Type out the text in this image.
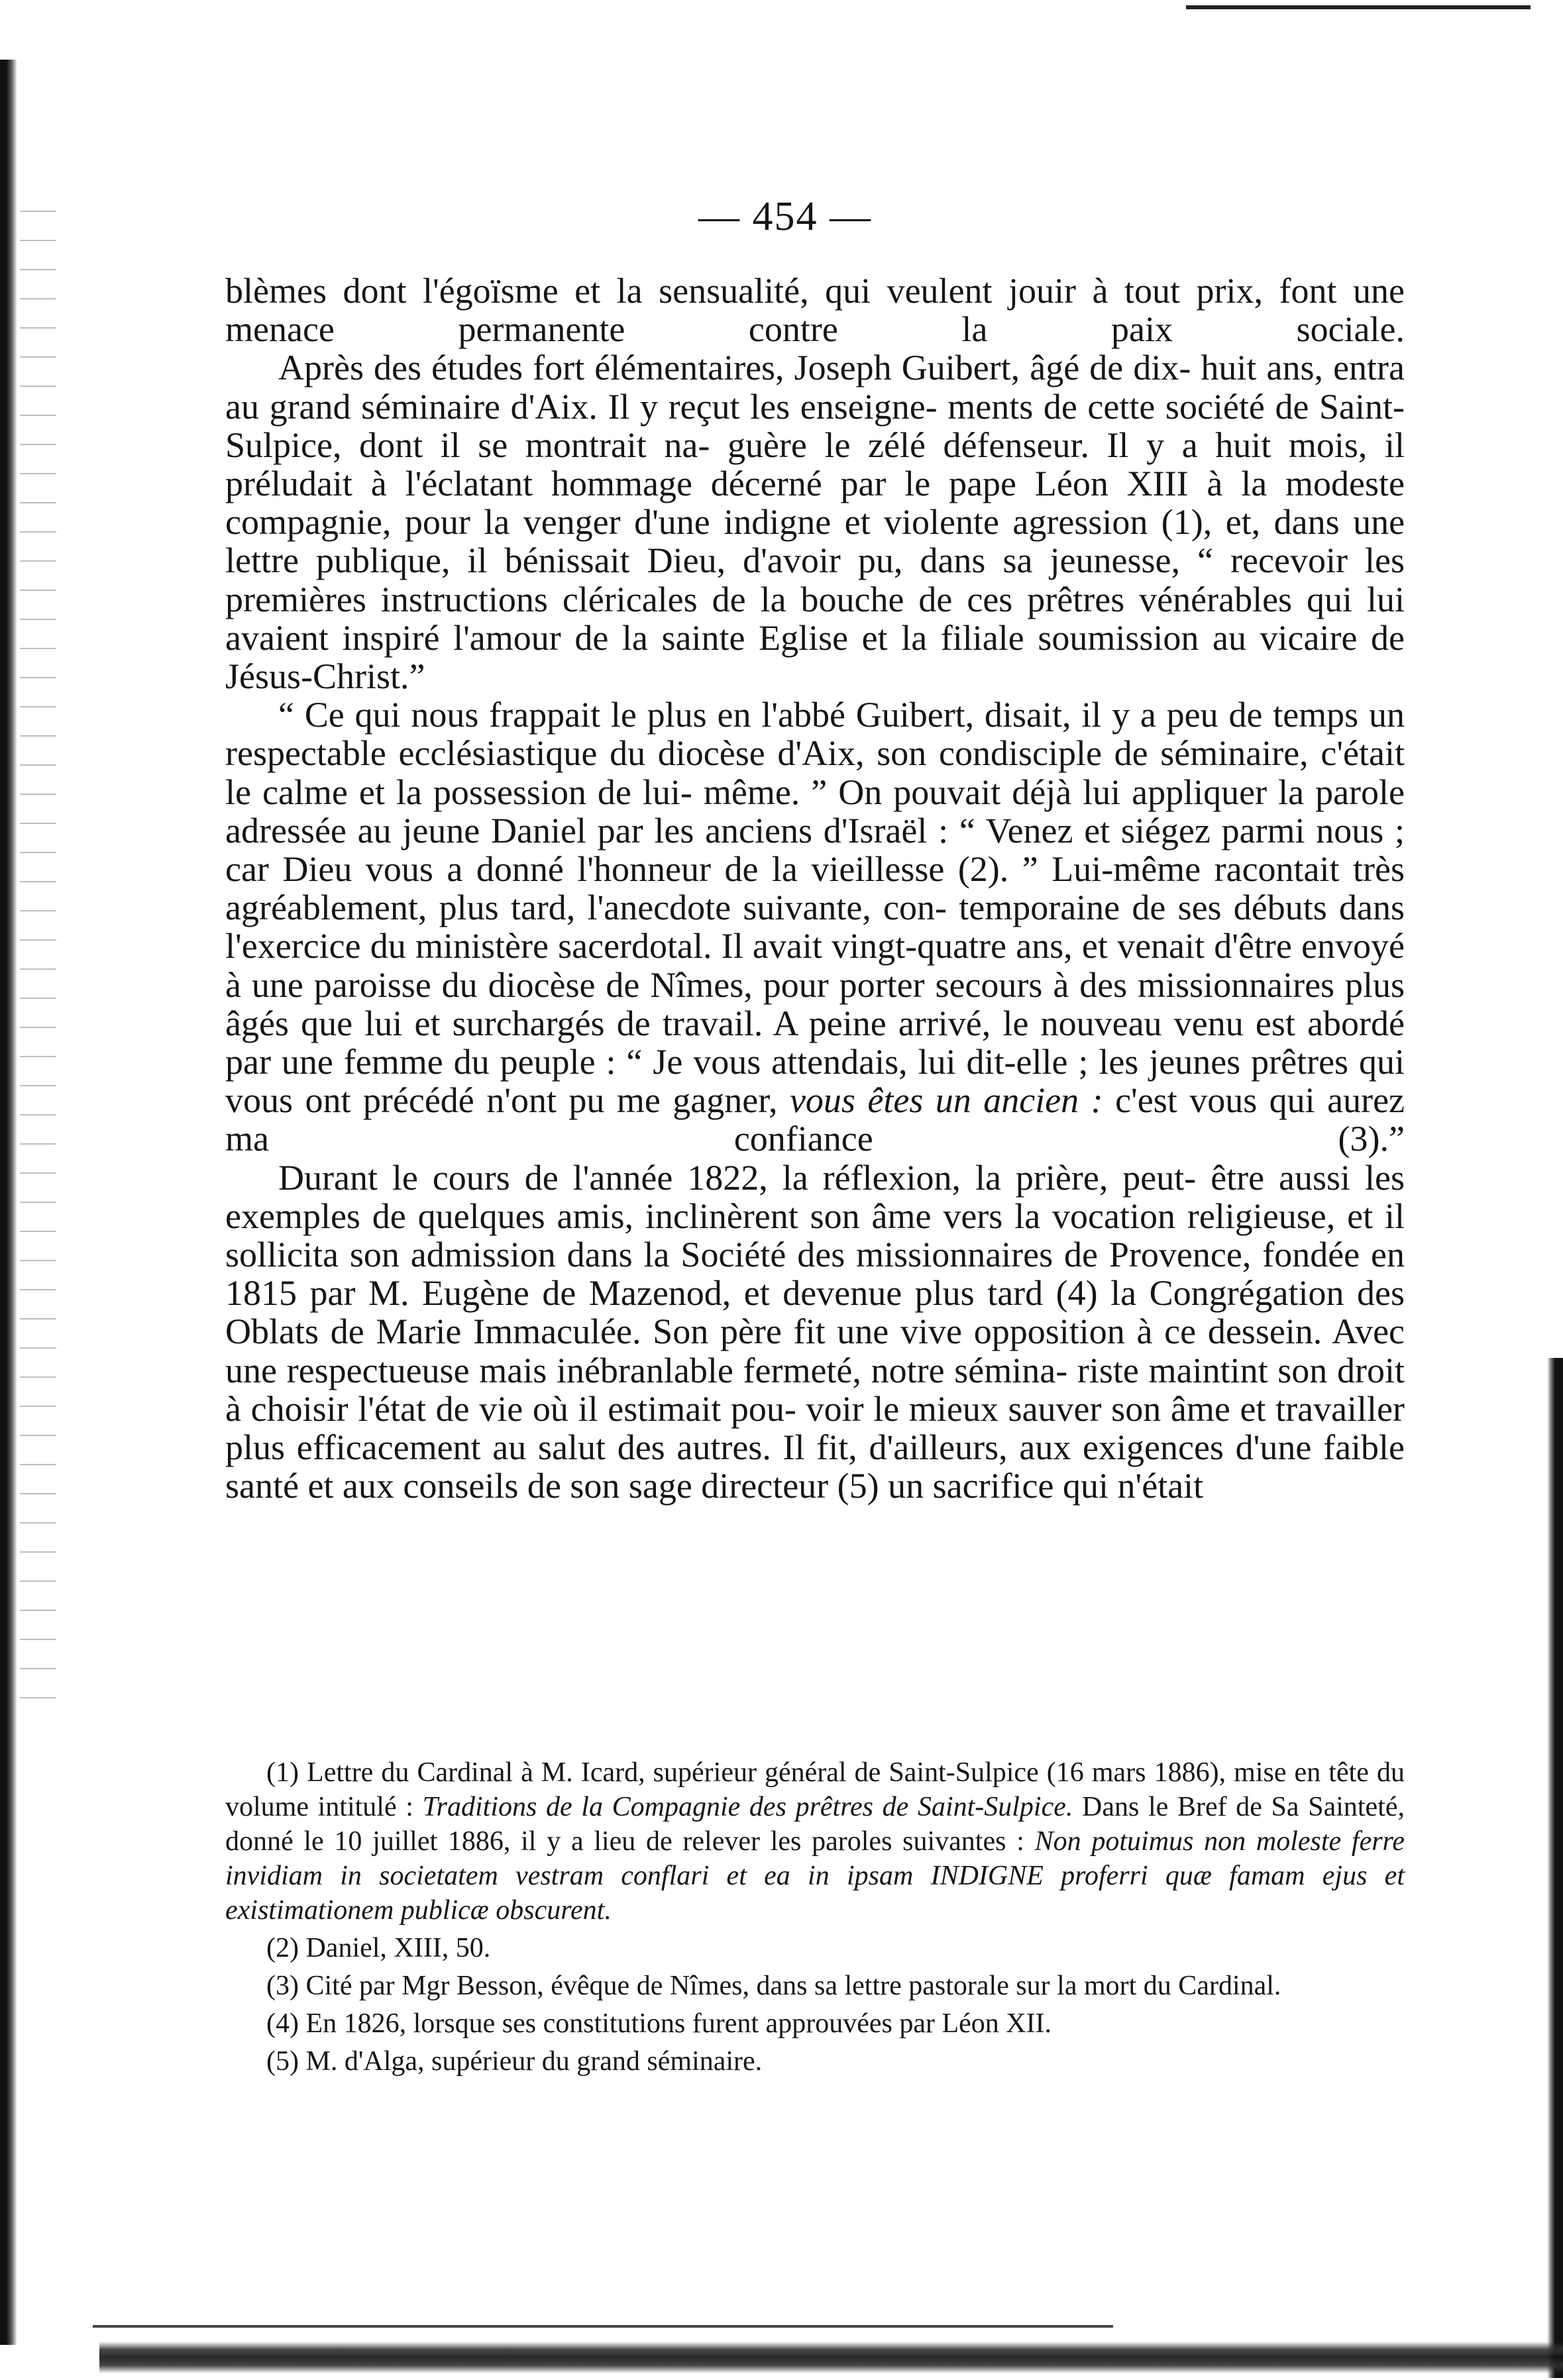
— 454 —

blèmes dont l'égoïsme et la sensualité, qui veulent jouir à tout prix, font une menace permanente contre la paix sociale.

Après des études fort élémentaires, Joseph Guibert, âgé de dix- huit ans, entra au grand séminaire d'Aix. Il y reçut les enseigne- ments de cette société de Saint-Sulpice, dont il se montrait na- guère le zélé défenseur. Il y a huit mois, il préludait à l'éclatant hommage décerné par le pape Léon XIII à la modeste compagnie, pour la venger d'une indigne et violente agression (1), et, dans une lettre publique, il bénissait Dieu, d'avoir pu, dans sa jeunesse, “ recevoir les premières instructions cléricales de la bouche de ces prêtres vénérables qui lui avaient inspiré l'amour de la sainte Eglise et la filiale soumission au vicaire de Jésus-Christ.”

“ Ce qui nous frappait le plus en l'abbé Guibert, disait, il y a peu de temps un respectable ecclésiastique du diocèse d'Aix, son condisciple de séminaire, c'était le calme et la possession de lui- même. ” On pouvait déjà lui appliquer la parole adressée au jeune Daniel par les anciens d'Israël : “ Venez et siégez parmi nous ; car Dieu vous a donné l'honneur de la vieillesse (2). ” Lui-même racontait très agréablement, plus tard, l'anecdote suivante, con- temporaine de ses débuts dans l'exercice du ministère sacerdotal. Il avait vingt-quatre ans, et venait d'être envoyé à une paroisse du diocèse de Nîmes, pour porter secours à des missionnaires plus âgés que lui et surchargés de travail. A peine arrivé, le nouveau venu est abordé par une femme du peuple : “ Je vous attendais, lui dit-elle ; les jeunes prêtres qui vous ont précédé n'ont pu me gagner, vous êtes un ancien : c'est vous qui aurez ma confiance (3).”

Durant le cours de l'année 1822, la réflexion, la prière, peut- être aussi les exemples de quelques amis, inclinèrent son âme vers la vocation religieuse, et il sollicita son admission dans la Société des missionnaires de Provence, fondée en 1815 par M. Eugène de Mazenod, et devenue plus tard (4) la Congrégation des Oblats de Marie Immaculée. Son père fit une vive opposition à ce dessein. Avec une respectueuse mais inébranlable fermeté, notre sémina- riste maintint son droit à choisir l'état de vie où il estimait pou- voir le mieux sauver son âme et travailler plus efficacement au salut des autres. Il fit, d'ailleurs, aux exigences d'une faible santé et aux conseils de son sage directeur (5) un sacrifice qui n'était

(1) Lettre du Cardinal à M. Icard, supérieur général de Saint-Sulpice (16 mars 1886), mise en tête du volume intitulé : Traditions de la Compagnie des prêtres de Saint-Sulpice. Dans le Bref de Sa Sainteté, donné le 10 juillet 1886, il y a lieu de relever les paroles suivantes : Non potuimus non moleste ferre invidiam in societatem vestram conflari et ea in ipsam INDIGNE proferri quæ famam ejus et existimationem publicæ obscurent.

(2) Daniel, XIII, 50.

(3) Cité par Mgr Besson, évêque de Nîmes, dans sa lettre pastorale sur la mort du Cardinal.

(4) En 1826, lorsque ses constitutions furent approuvées par Léon XII.

(5) M. d'Alga, supérieur du grand séminaire.
